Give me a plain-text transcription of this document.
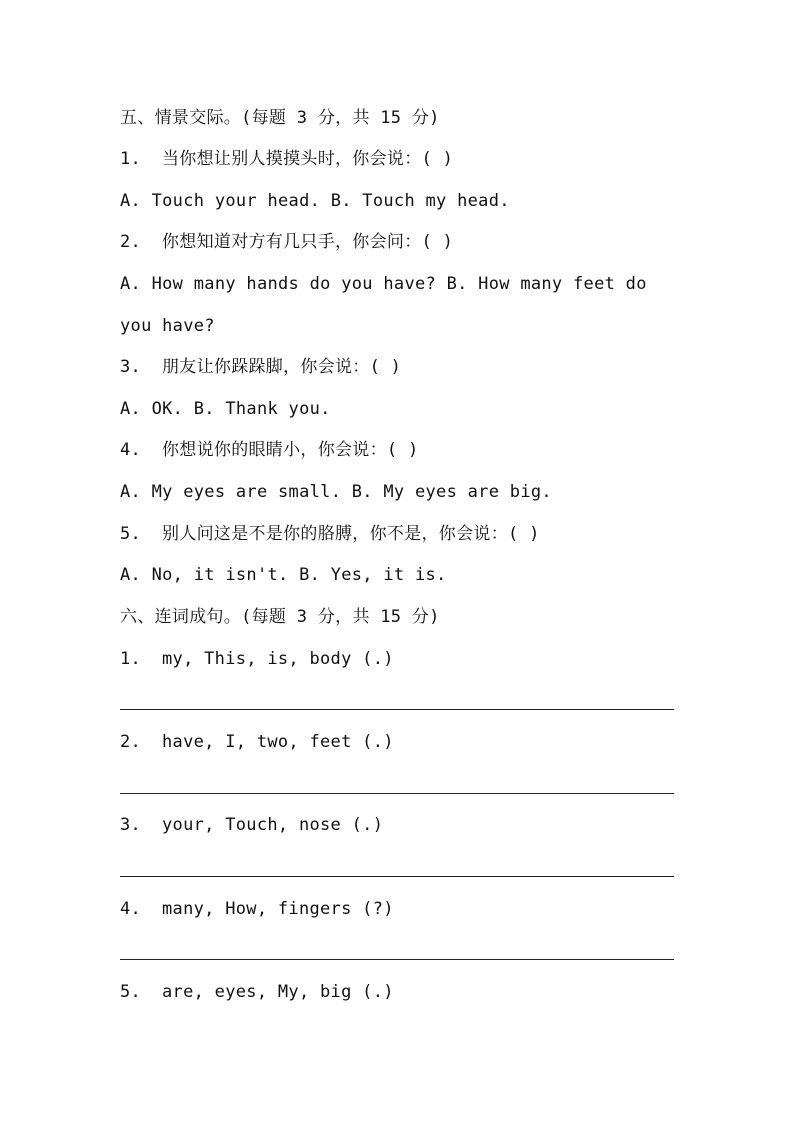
五、情景交际。(每题 3 分，共 15 分)
1. 当你想让别人摸摸头时，你会说：( )
A. Touch your head. B. Touch my head.
2. 你想知道对方有几只手，你会问：( )
A. How many hands do you have? B. How many feet do
you have?
3. 朋友让你跺跺脚，你会说：( )
A. OK. B. Thank you.
4. 你想说你的眼睛小，你会说：( )
A. My eyes are small. B. My eyes are big.
5. 别人问这是不是你的胳膊，你不是，你会说：( )
A. No, it isn't. B. Yes, it is.
六、连词成句。(每题 3 分，共 15 分)
1. my, This, is, body (.)
2. have, I, two, feet (.)
3. your, Touch, nose (.)
4. many, How, fingers (?)
5. are, eyes, My, big (.)
